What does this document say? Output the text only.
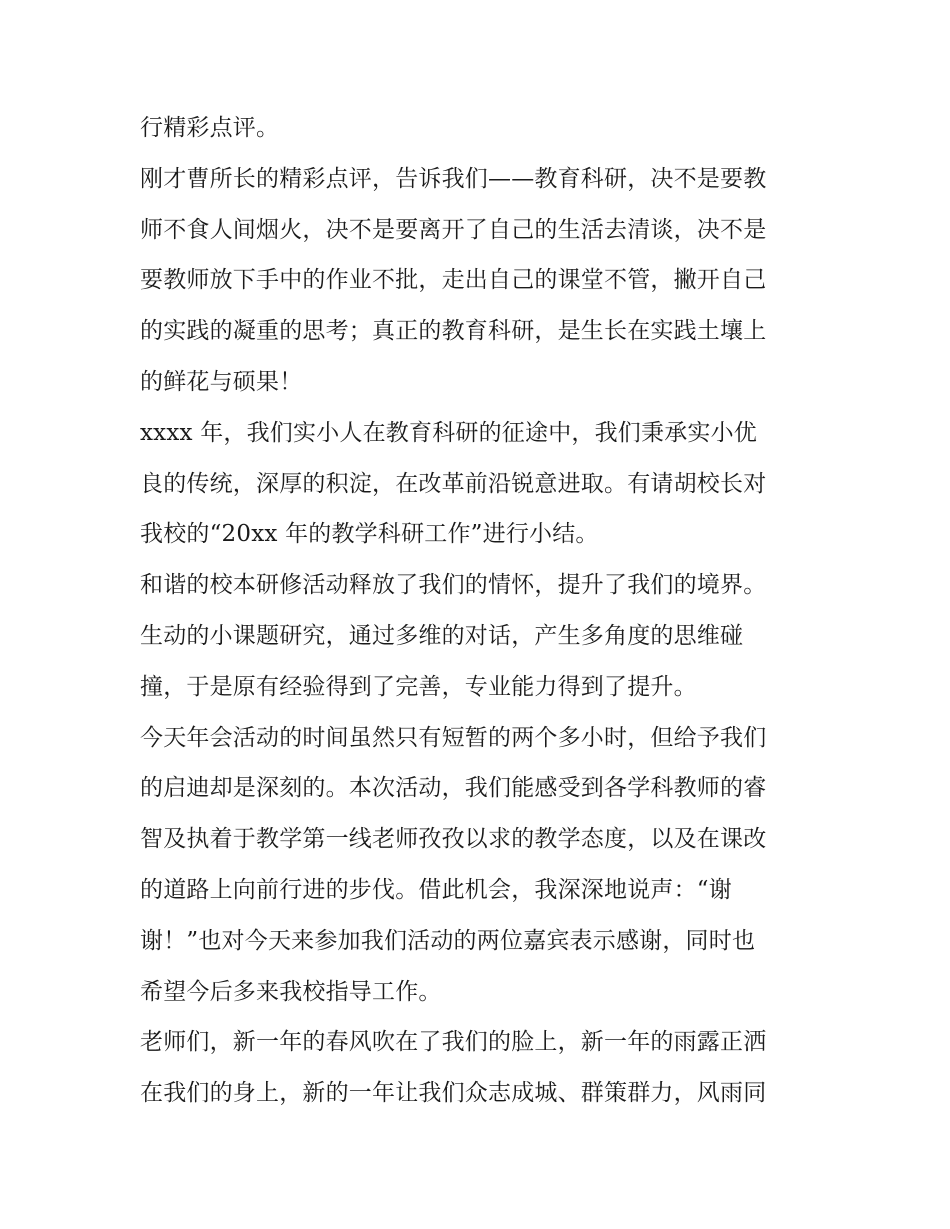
行精彩点评。
刚才曹所长的精彩点评，告诉我们——教育科研，决不是要教
师不食人间烟火，决不是要离开了自己的生活去清谈，决不是
要教师放下手中的作业不批，走出自己的课堂不管，撇开自己
的实践的凝重的思考；真正的教育科研，是生长在实践土壤上
的鲜花与硕果！
xxxx 年，我们实小人在教育科研的征途中，我们秉承实小优
良的传统，深厚的积淀，在改革前沿锐意进取。有请胡校长对
我校的“20xx 年的教学科研工作”进行小结。
和谐的校本研修活动释放了我们的情怀，提升了我们的境界。
生动的小课题研究，通过多维的对话，产生多角度的思维碰
撞，于是原有经验得到了完善，专业能力得到了提升。
今天年会活动的时间虽然只有短暂的两个多小时，但给予我们
的启迪却是深刻的。本次活动，我们能感受到各学科教师的睿
智及执着于教学第一线老师孜孜以求的教学态度，以及在课改
的道路上向前行进的步伐。借此机会，我深深地说声：“谢
谢！”也对今天来参加我们活动的两位嘉宾表示感谢，同时也
希望今后多来我校指导工作。
老师们，新一年的春风吹在了我们的脸上，新一年的雨露正洒
在我们的身上，新的一年让我们众志成城、群策群力，风雨同
